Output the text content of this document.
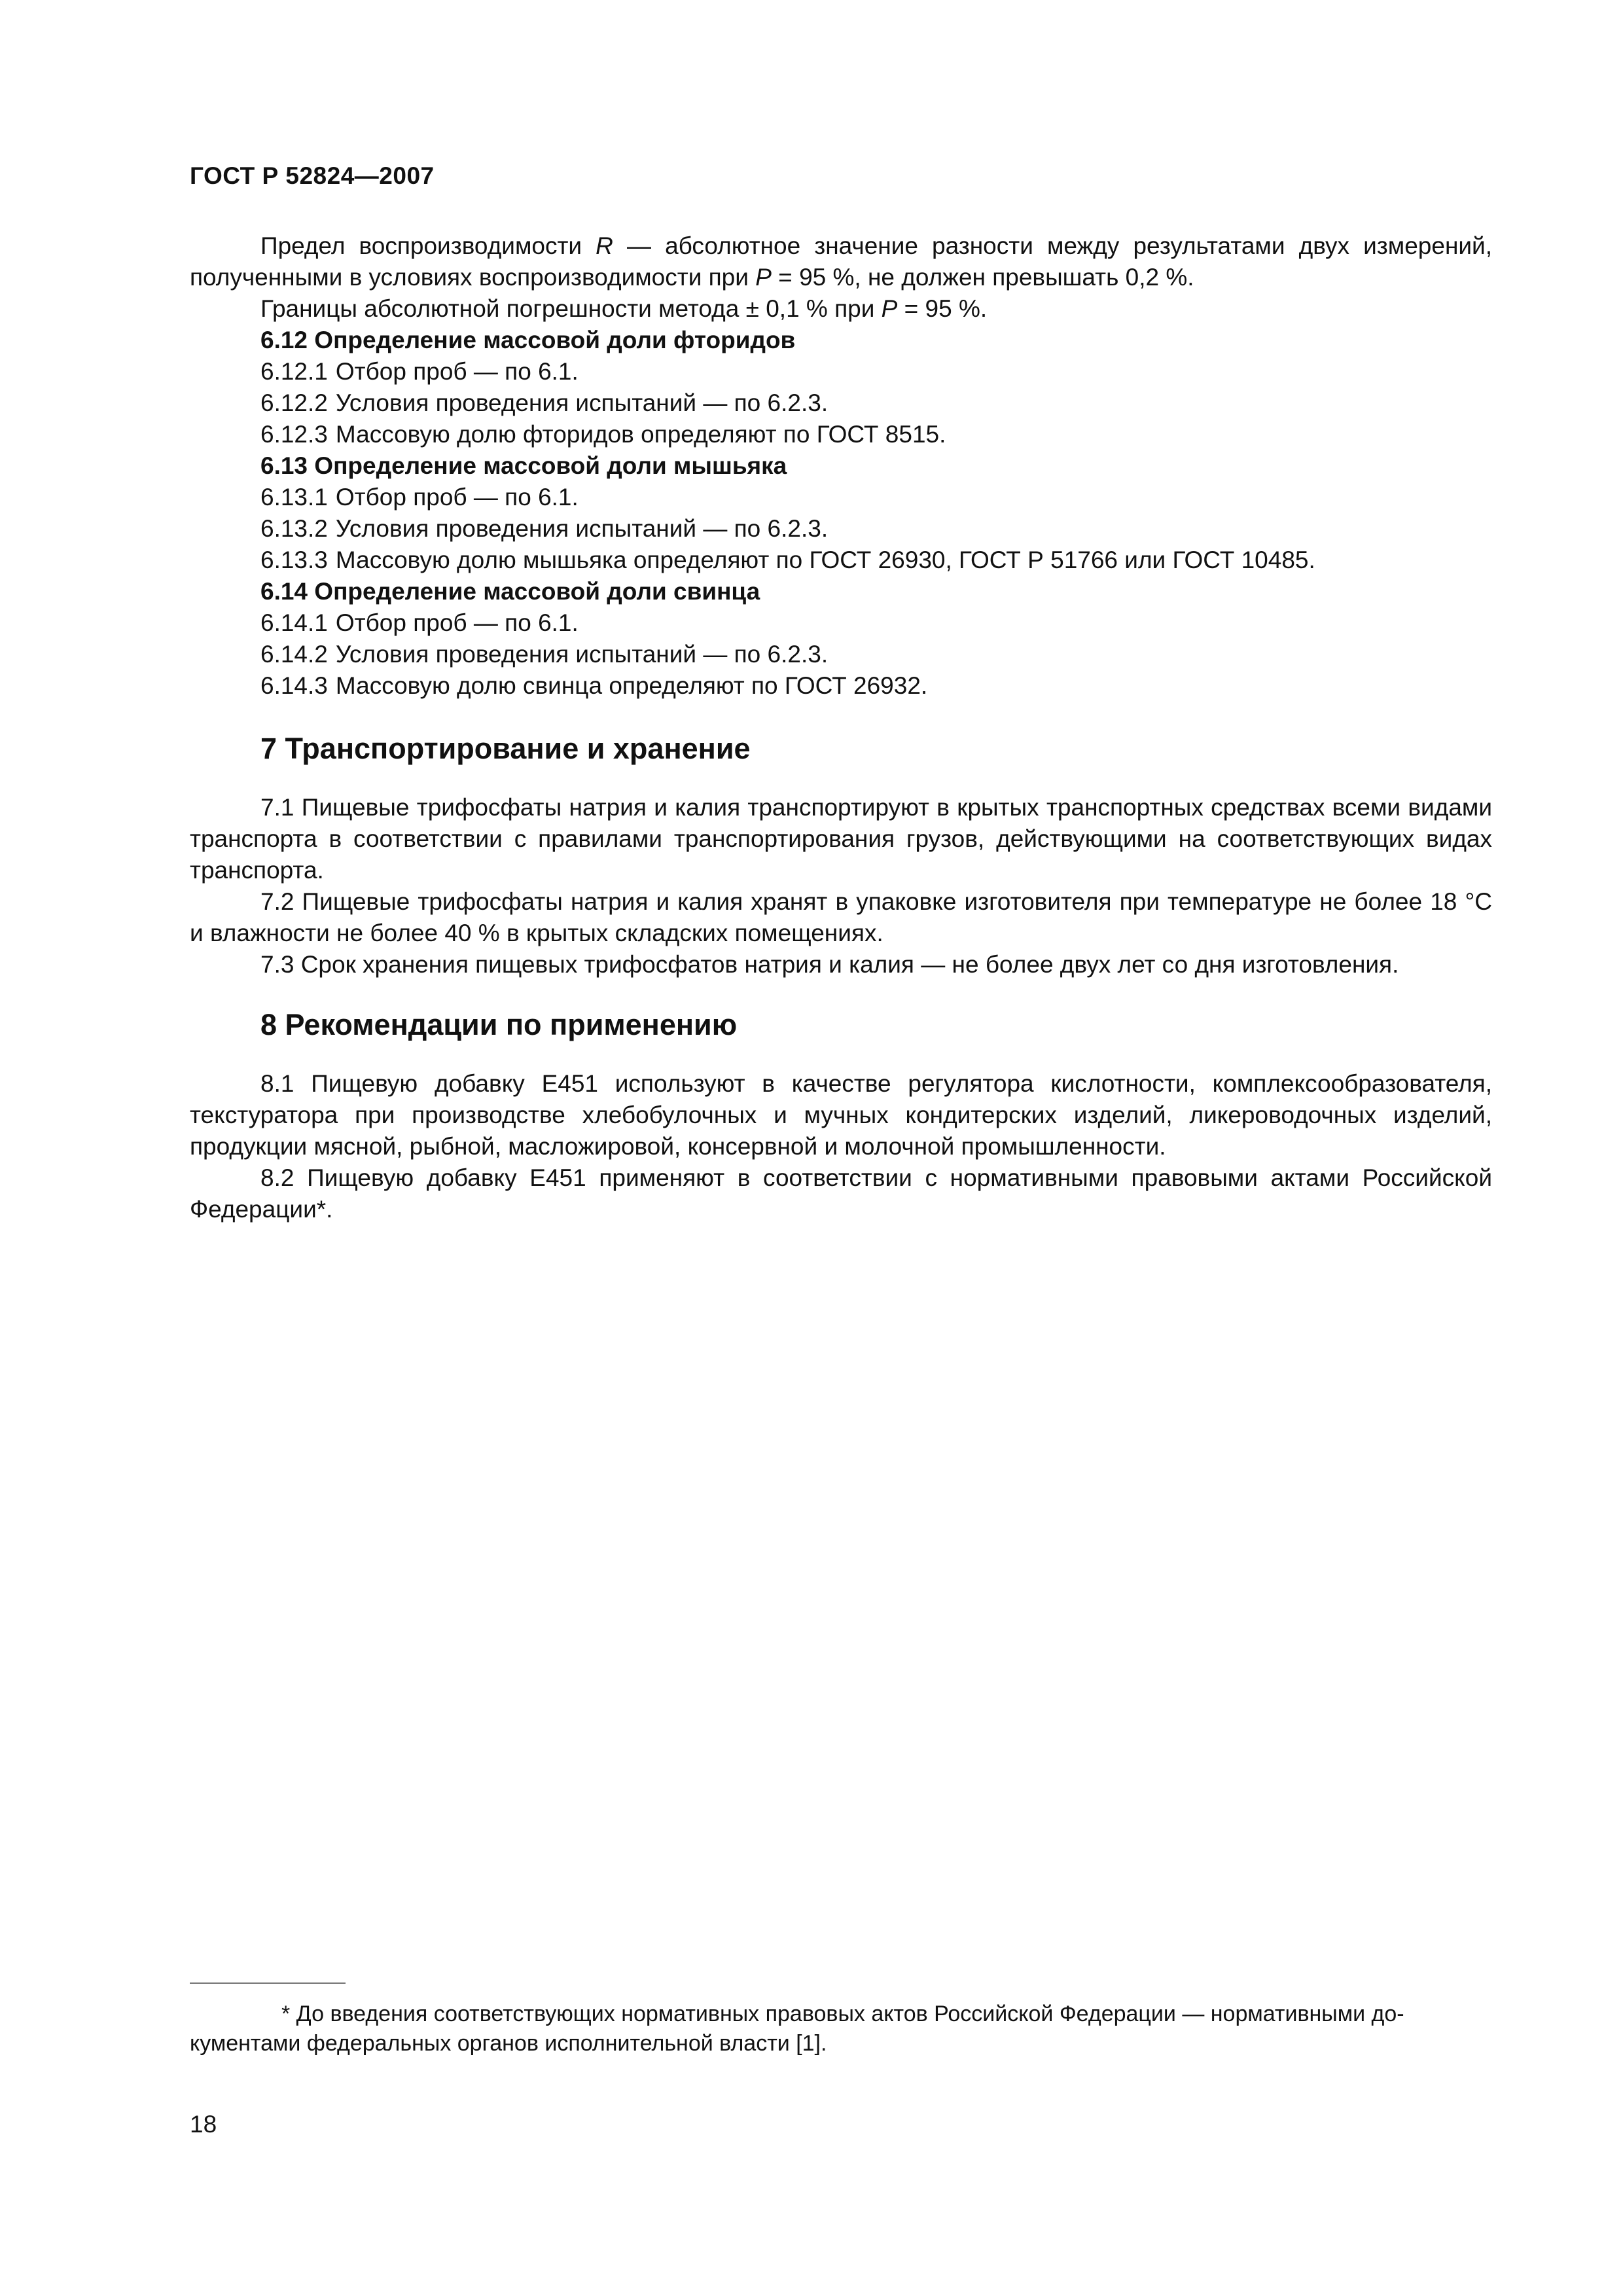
ГОСТ Р 52824—2007

Предел воспроизводимости R — абсолютное значение разности между результатами двух измерений, полученными в условиях воспроизводимости при P = 95 %, не должен превышать 0,2 %.

Границы абсолютной погрешности метода ± 0,1 % при P = 95 %.

6.12 Определение массовой доли фторидов

6.12.1 Отбор проб — по 6.1.

6.12.2 Условия проведения испытаний — по 6.2.3.

6.12.3 Массовую долю фторидов определяют по ГОСТ 8515.

6.13 Определение массовой доли мышьяка

6.13.1 Отбор проб — по 6.1.

6.13.2 Условия проведения испытаний — по 6.2.3.

6.13.3 Массовую долю мышьяка определяют по ГОСТ 26930, ГОСТ Р 51766 или ГОСТ 10485.

6.14 Определение массовой доли свинца

6.14.1 Отбор проб — по 6.1.

6.14.2 Условия проведения испытаний — по 6.2.3.

6.14.3 Массовую долю свинца определяют по ГОСТ 26932.

7 Транспортирование и хранение

7.1 Пищевые трифосфаты натрия и калия транспортируют в крытых транспортных средствах всеми видами транспорта в соответствии с правилами транспортирования грузов, действующими на соответствующих видах транспорта.

7.2 Пищевые трифосфаты натрия и калия хранят в упаковке изготовителя при температуре не более 18 °С и влажности не более 40 % в крытых складских помещениях.

7.3 Срок хранения пищевых трифосфатов натрия и калия — не более двух лет со дня изготовления.

8 Рекомендации по применению

8.1 Пищевую добавку Е451 используют в качестве регулятора кислотности, комплексообразователя, текстуратора при производстве хлебобулочных и мучных кондитерских изделий, ликероводочных изделий, продукции мясной, рыбной, масложировой, консервной и молочной промышленности.

8.2 Пищевую добавку Е451 применяют в соответствии с нормативными правовыми актами Российской Федерации*.

* До введения соответствующих нормативных правовых актов Российской Федерации — нормативными до-
кументами федеральных органов исполнительной власти [1].
18
